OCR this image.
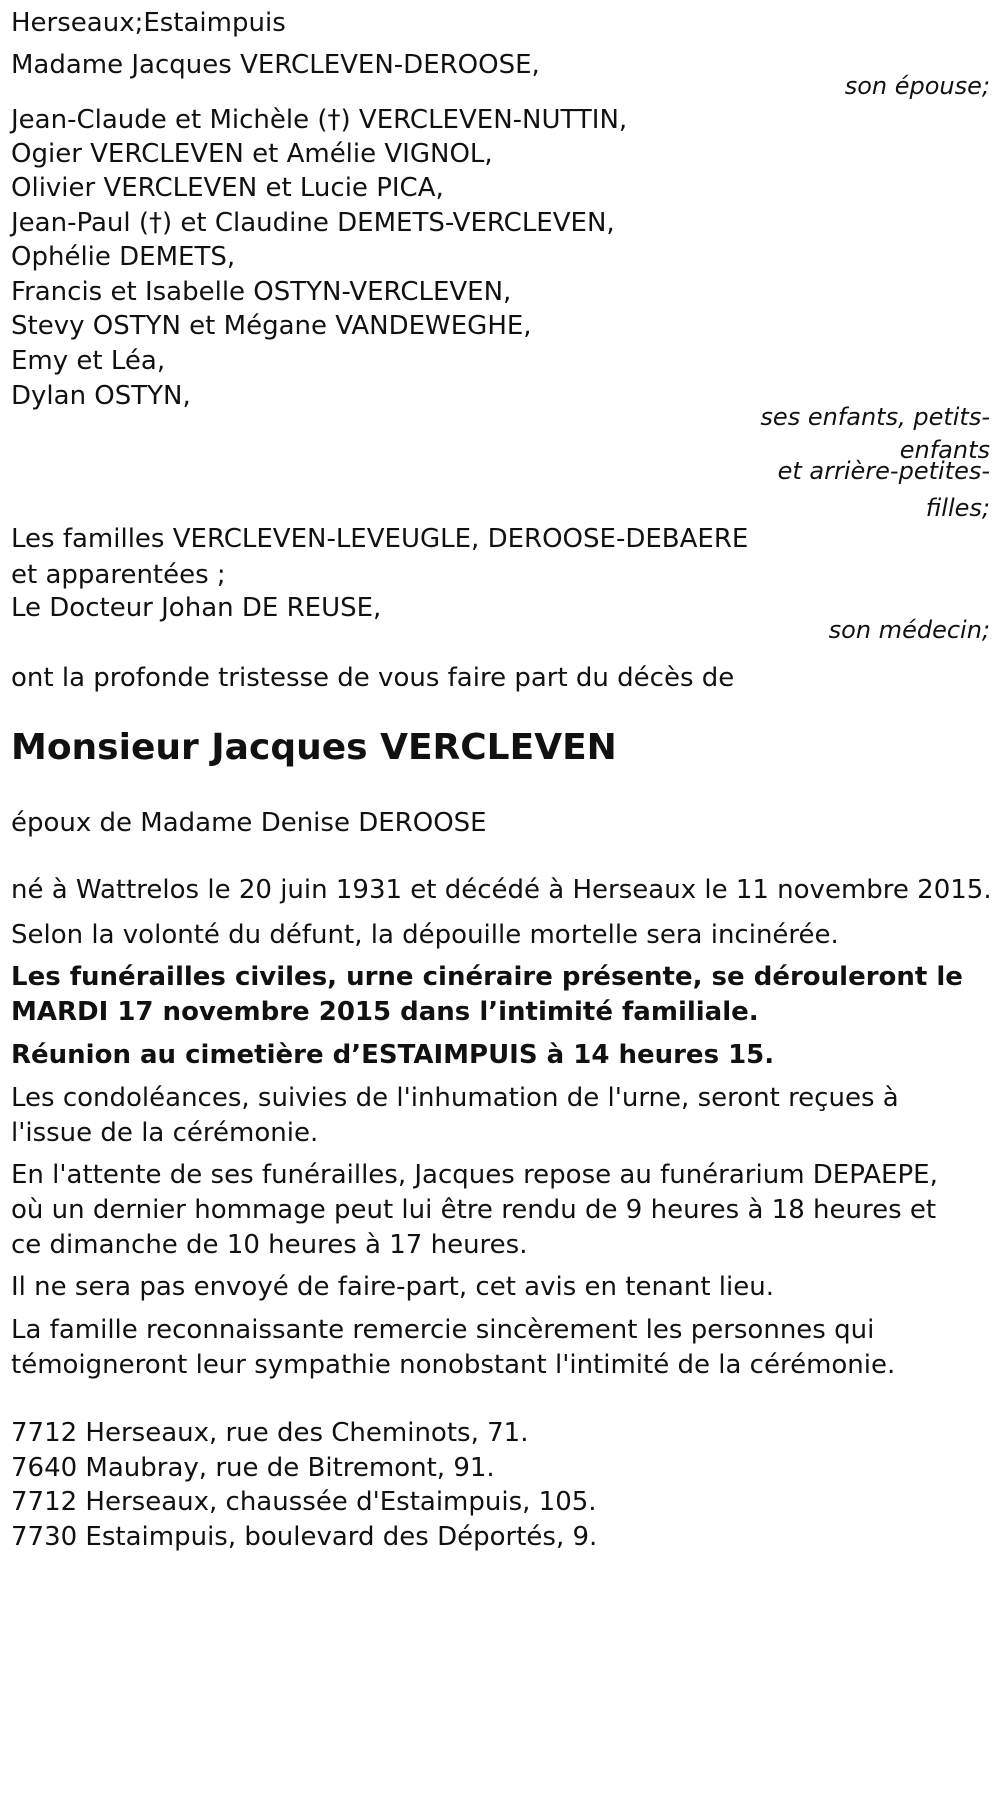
Herseaux;Estaimpuis
Madame Jacques VERCLEVEN-DEROOSE,
son épouse;
Jean-Claude et Michèle (†) VERCLEVEN-NUTTIN,
Ogier VERCLEVEN et Amélie VIGNOL,
Olivier VERCLEVEN et Lucie PICA,
Jean-Paul (†) et Claudine DEMETS-VERCLEVEN,
Ophélie DEMETS,
Francis et Isabelle OSTYN-VERCLEVEN,
Stevy OSTYN et Mégane VANDEWEGHE,
Emy et Léa,
Dylan OSTYN,
ses enfants, petits-
enfants
et arrière-petites-
filles;
Les familles VERCLEVEN-LEVEUGLE, DEROOSE-DEBAERE
et apparentées ;
Le Docteur Johan DE REUSE,
son médecin;
ont la profonde tristesse de vous faire part du décès de
Monsieur Jacques VERCLEVEN
époux de Madame Denise DEROOSE
né à Wattrelos le 20 juin 1931 et décédé à Herseaux le 11 novembre 2015.
Selon la volonté du défunt, la dépouille mortelle sera incinérée.
Les funérailles civiles, urne cinéraire présente, se dérouleront le
MARDI 17 novembre 2015 dans l’intimité familiale.
Réunion au cimetière d’ESTAIMPUIS à 14 heures 15.
Les condoléances, suivies de l'inhumation de l'urne, seront reçues à
l'issue de la cérémonie.
En l'attente de ses funérailles, Jacques repose au funérarium DEPAEPE,
où un dernier hommage peut lui être rendu de 9 heures à 18 heures et
ce dimanche de 10 heures à 17 heures.
Il ne sera pas envoyé de faire-part, cet avis en tenant lieu.
La famille reconnaissante remercie sincèrement les personnes qui
témoigneront leur sympathie nonobstant l'intimité de la cérémonie.
7712 Herseaux, rue des Cheminots, 71.
7640 Maubray, rue de Bitremont, 91.
7712 Herseaux, chaussée d'Estaimpuis, 105.
7730 Estaimpuis, boulevard des Déportés, 9.
